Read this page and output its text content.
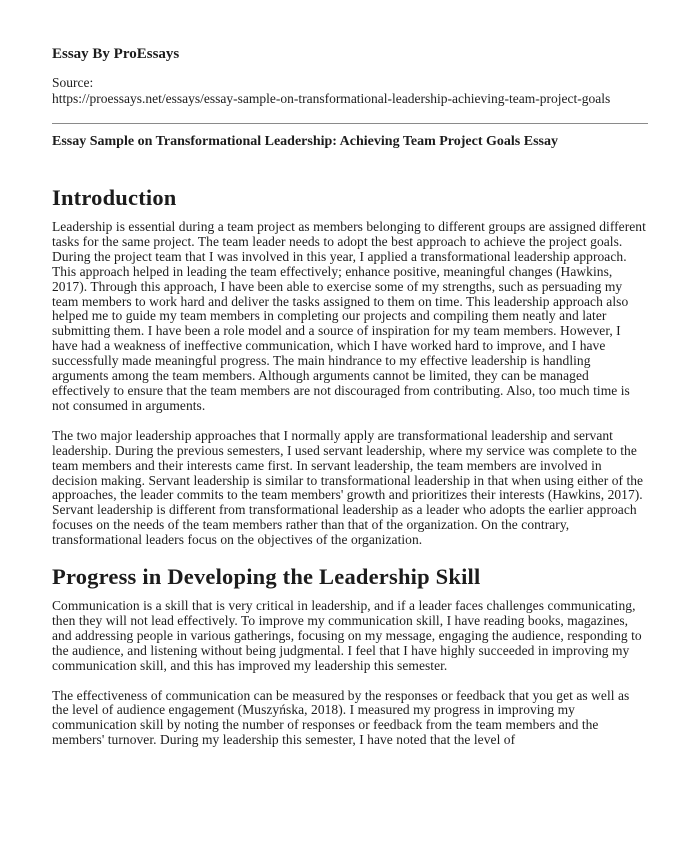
Essay By ProEssays
Source:
https://proessays.net/essays/essay-sample-on-transformational-leadership-achieving-team-project-goals
Essay Sample on Transformational Leadership: Achieving Team Project Goals Essay
Introduction

Leadership is essential during a team project as members belonging to different groups are assigned different tasks for the same project. The team leader needs to adopt the best approach to achieve the project goals. During the project team that I was involved in this year, I applied a transformational leadership approach. This approach helped in leading the team effectively; enhance positive, meaningful changes (Hawkins, 2017). Through this approach, I have been able to exercise some of my strengths, such as persuading my team members to work hard and deliver the tasks assigned to them on time. This leadership approach also helped me to guide my team members in completing our projects and compiling them neatly and later submitting them. I have been a role model and a source of inspiration for my team members. However, I have had a weakness of ineffective communication, which I have worked hard to improve, and I have successfully made meaningful progress. The main hindrance to my effective leadership is handling arguments among the team members. Although arguments cannot be limited, they can be managed effectively to ensure that the team members are not discouraged from contributing. Also, too much time is not consumed in arguments.

The two major leadership approaches that I normally apply are transformational leadership and servant leadership. During the previous semesters, I used servant leadership, where my service was complete to the team members and their interests came first. In servant leadership, the team members are involved in decision making. Servant leadership is similar to transformational leadership in that when using either of the approaches, the leader commits to the team members' growth and prioritizes their interests (Hawkins, 2017). Servant leadership is different from transformational leadership as a leader who adopts the earlier approach focuses on the needs of the team members rather than that of the organization. On the contrary, transformational leaders focus on the objectives of the organization.

Progress in Developing the Leadership Skill

Communication is a skill that is very critical in leadership, and if a leader faces challenges communicating, then they will not lead effectively. To improve my communication skill, I have reading books, magazines, and addressing people in various gatherings, focusing on my message, engaging the audience, responding to the audience, and listening without being judgmental. I feel that I have highly succeeded in improving my communication skill, and this has improved my leadership this semester.

The effectiveness of communication can be measured by the responses or feedback that you get as well as the level of audience engagement (Muszyńska, 2018). I measured my progress in improving my communication skill by noting the number of responses or feedback from the team members and the members' turnover. During my leadership this semester, I have noted that the level of
